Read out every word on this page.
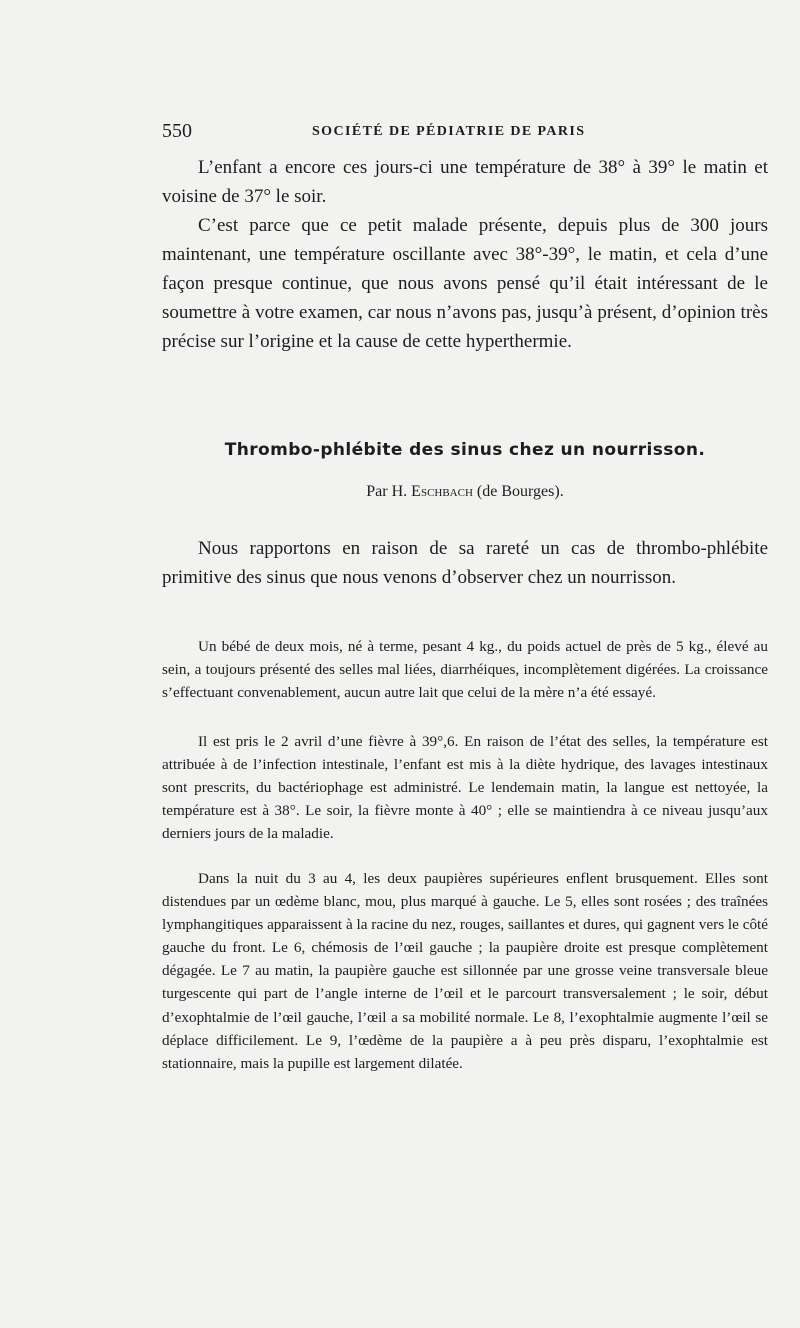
550	SOCIÉTÉ DE PÉDIATRIE DE PARIS

L’enfant a encore ces jours-ci une température de 38° à 39° le matin et voisine de 37° le soir.

C’est parce que ce petit malade présente, depuis plus de 300 jours maintenant, une température oscillante avec 38°-39°, le matin, et cela d’une façon presque continue, que nous avons pensé qu’il était intéressant de le soumettre à votre examen, car nous n’avons pas, jusqu’à présent, d’opinion très précise sur l’origine et la cause de cette hyperthermie.

Thrombo-phlébite des sinus chez un nourrisson.

Par H. Eschbach (de Bourges).

Nous rapportons en raison de sa rareté un cas de thrombo-phlébite primitive des sinus que nous venons d’observer chez un nourrisson.

Un bébé de deux mois, né à terme, pesant 4 kg., du poids actuel de près de 5 kg., élevé au sein, a toujours présenté des selles mal liées, diarrhéiques, incomplètement digérées. La croissance s’effectuant convenablement, aucun autre lait que celui de la mère n’a été essayé.

Il est pris le 2 avril d’une fièvre à 39°,6. En raison de l’état des selles, la température est attribuée à de l’infection intestinale, l’enfant est mis à la diète hydrique, des lavages intestinaux sont prescrits, du bactériophage est administré. Le lendemain matin, la langue est nettoyée, la température est à 38°. Le soir, la fièvre monte à 40° ; elle se maintiendra à ce niveau jusqu’aux derniers jours de la maladie.

Dans la nuit du 3 au 4, les deux paupières supérieures enflent brusquement. Elles sont distendues par un œdème blanc, mou, plus marqué à gauche. Le 5, elles sont rosées ; des traînées lymphangitiques apparaissent à la racine du nez, rouges, saillantes et dures, qui gagnent vers le côté gauche du front. Le 6, chémosis de l’œil gauche ; la paupière droite est presque complètement dégagée. Le 7 au matin, la paupière gauche est sillonnée par une grosse veine transversale bleue turgescente qui part de l’angle interne de l’œil et le parcourt transversalement ; le soir, début d’exophtalmie de l’œil gauche, l’œil a sa mobilité normale. Le 8, l’exophtalmie augmente l’œil se déplace difficilement. Le 9, l’œdème de la paupière a à peu près disparu, l’exophtalmie est stationnaire, mais la pupille est largement dilatée.
